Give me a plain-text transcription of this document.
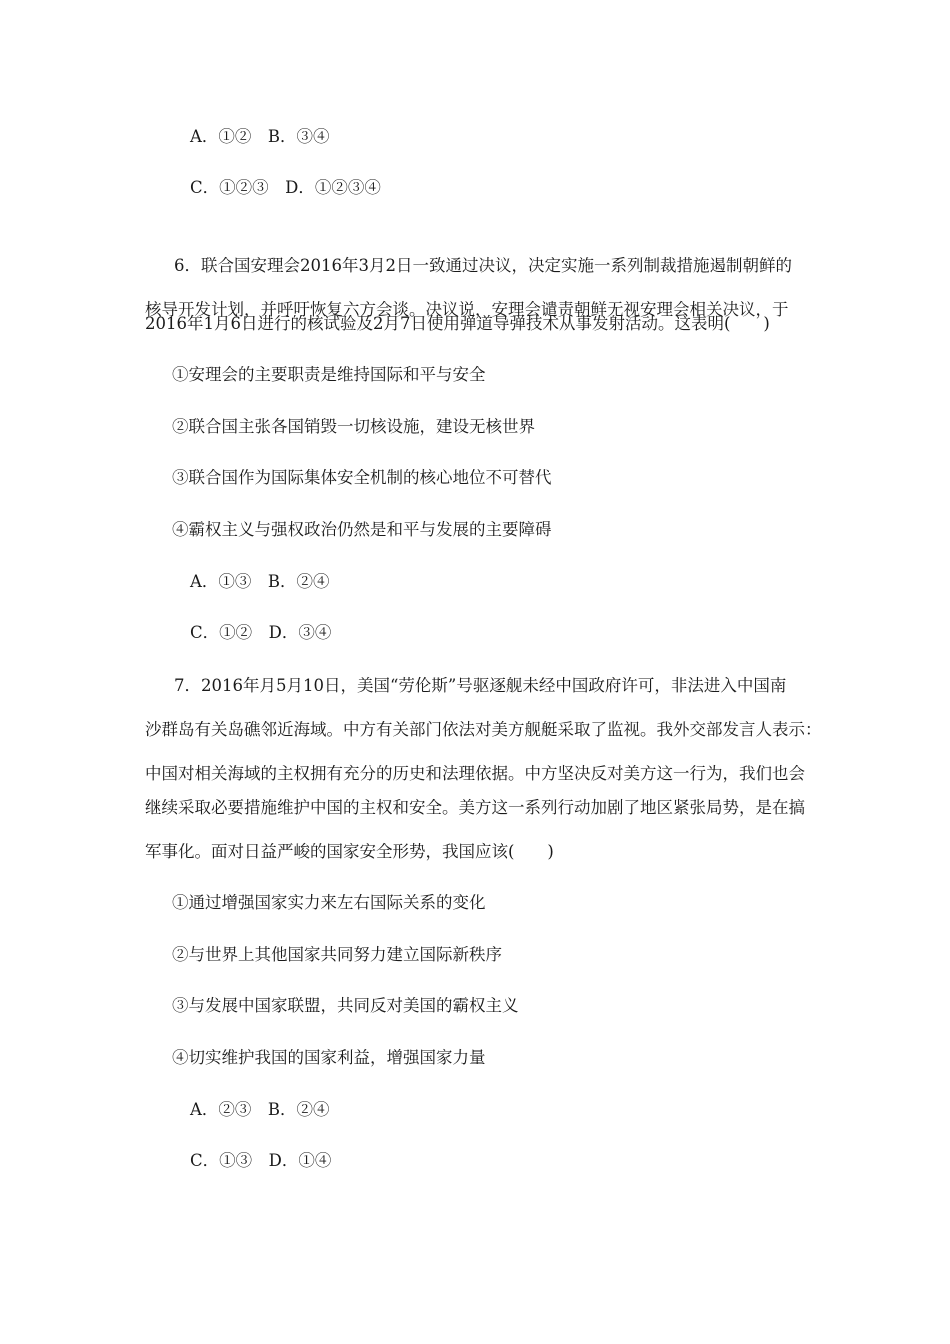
A．①②　B．③④
C．①②③　D．①②③④
6．联合国安理会2016年3月2日一致通过决议，决定实施一系列制裁措施遏制朝鲜的
核导开发计划，并呼吁恢复六方会谈。决议说，安理会谴责朝鲜无视安理会相关决议，于
2016年1月6日进行的核试验及2月7日使用弹道导弹技术从事发射活动。这表明(　　)
①安理会的主要职责是维持国际和平与安全
②联合国主张各国销毁一切核设施，建设无核世界
③联合国作为国际集体安全机制的核心地位不可替代
④霸权主义与强权政治仍然是和平与发展的主要障碍
A．①③　B．②④
C．①②　D．③④
7．2016年月5月10日，美国“劳伦斯”号驱逐舰未经中国政府许可，非法进入中国南
沙群岛有关岛礁邻近海域。中方有关部门依法对美方舰艇采取了监视。我外交部发言人表示：
中国对相关海域的主权拥有充分的历史和法理依据。中方坚决反对美方这一行为，我们也会
继续采取必要措施维护中国的主权和安全。美方这一系列行动加剧了地区紧张局势，是在搞
军事化。面对日益严峻的国家安全形势，我国应该(　　)
①通过增强国家实力来左右国际关系的变化
②与世界上其他国家共同努力建立国际新秩序
③与发展中国家联盟，共同反对美国的霸权主义
④切实维护我国的国家利益，增强国家力量
A．②③　B．②④
C．①③　D．①④
